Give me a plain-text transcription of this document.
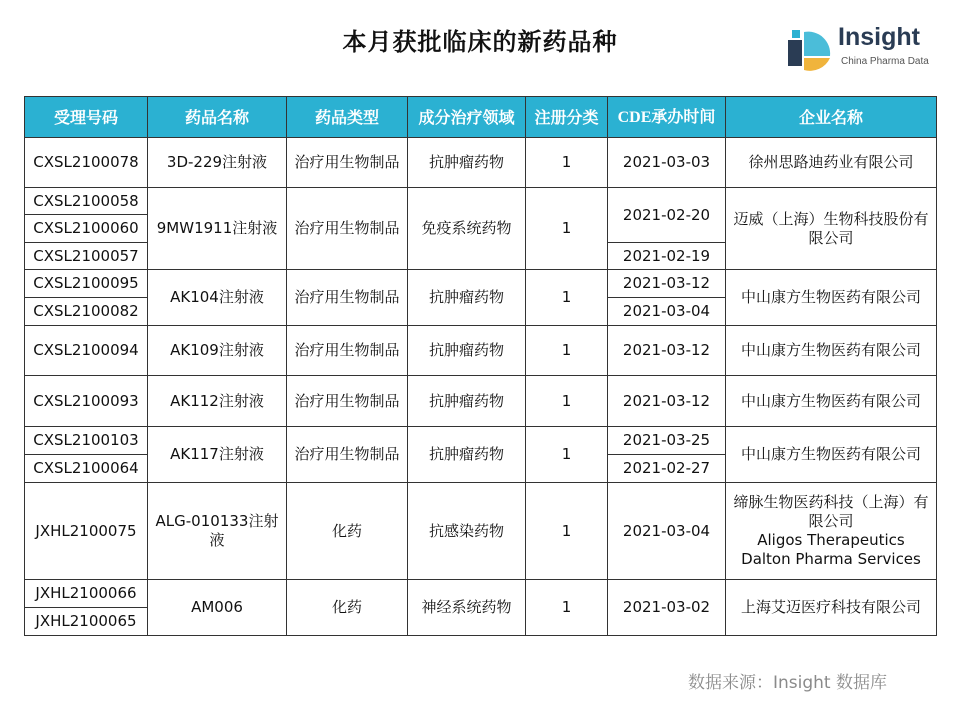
本月获批临床的新药品种	Insight
China Pharma Data
受理号码	药品名称	药品类型	成分治疗领域	注册分类	CDE承办时间	企业名称
CXSL2100078	3D-229注射液	治疗用生物制品	抗肿瘤药物	1	2021-03-03	徐州思路迪药业有限公司
CXSL2100058	9MW1911注射液	治疗用生物制品	免疫系统药物	1	2021-02-20	迈威（上海）生物科技股份有限公司
CXSL2100060						
CXSL2100057					2021-02-19	
CXSL2100095	AK104注射液	治疗用生物制品	抗肿瘤药物	1	2021-03-12	中山康方生物医药有限公司
CXSL2100082					2021-03-04	
CXSL2100094	AK109注射液	治疗用生物制品	抗肿瘤药物	1	2021-03-12	中山康方生物医药有限公司
CXSL2100093	AK112注射液	治疗用生物制品	抗肿瘤药物	1	2021-03-12	中山康方生物医药有限公司
CXSL2100103	AK117注射液	治疗用生物制品	抗肿瘤药物	1	2021-03-25	中山康方生物医药有限公司
CXSL2100064					2021-02-27	
JXHL2100075	ALG-010133注射液	化药	抗感染药物	1	2021-03-04	缔脉生物医药科技（上海）有限公司
Aligos Therapeutics
Dalton Pharma Services

JXHL2100066	AM006	化药	神经系统药物	1	2021-03-02	上海艾迈医疗科技有限公司
JXHL2100065						
数据来源：Insight 数据库
